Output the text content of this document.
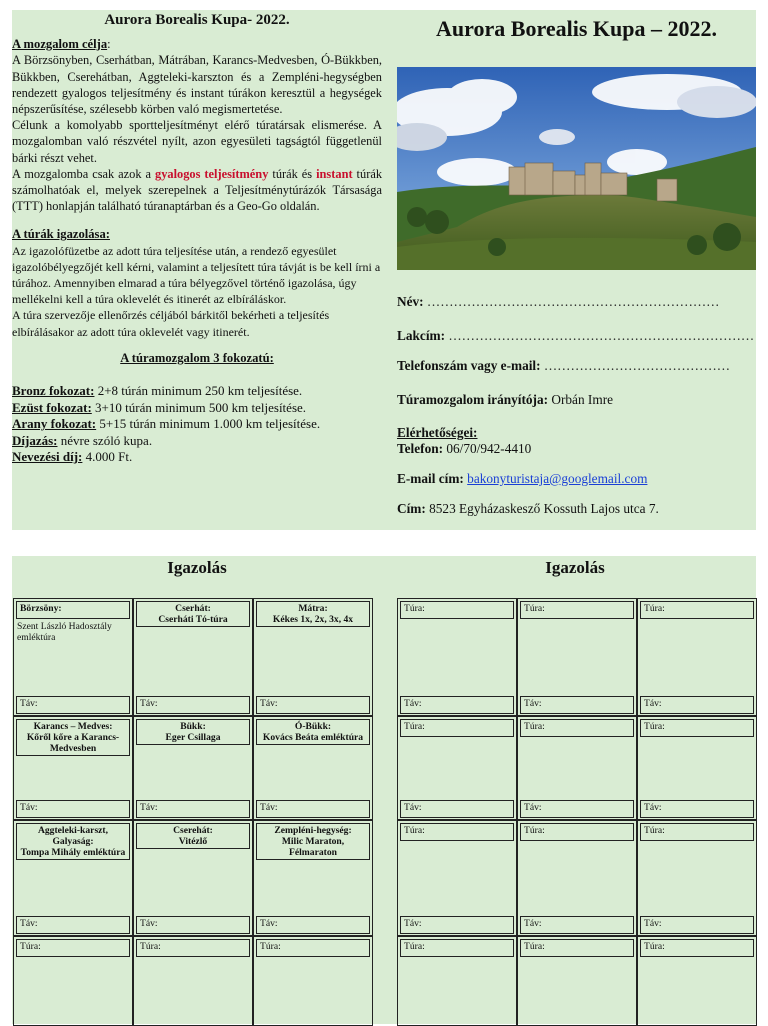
Aurora Borealis Kupa- 2022.

A mozgalom célja:
A Börzsönyben, Cserhátban, Mátrában, Karancs-Medvesben, Ó-Bükkben, Bükkben, Cserehátban, Aggteleki-karszton és a Zempléni-hegységben rendezett gyalogos teljesítmény és instant túrákon keresztül a hegységek népszerűsítése, szélesebb körben való megismertetése.
Célunk a komolyabb sportteljesítményt elérő túratársak elismerése. A mozgalomban való részvétel nyílt, azon egyesületi tagságtól függetlenül bárki részt vehet.
A mozgalomba csak azok a gyalogos teljesítmény túrák és instant túrák számolhatóak el, melyek szerepelnek a Teljesítménytúrázók Társasága (TTT) honlapján található túranaptárban és a Geo-Go oldalán.

A túrák igazolása:
Az igazolófüzetbe az adott túra teljesítése után, a rendező egyesület igazolóbélyegzőjét kell kérni, valamint a teljesített túra távját is be kell írni a túrához. Amennyiben elmarad a túra bélyegzővel történő igazolása, úgy mellékelni kell a túra oklevelét és itinerét az elbíráláskor.
A túra szervezője ellenőrzés céljából bárkitől bekérheti a teljesítés elbírálásakor az adott túra oklevelét vagy itinerét.

A túramozgalom 3 fokozatú:

Bronz fokozat: 2+8 túrán minimum 250 km teljesítése.
Ezüst fokozat: 3+10 túrán minimum 500 km teljesítése.
Arany fokozat: 5+15 túrán minimum 1.000 km teljesítése.
Díjazás: névre szóló kupa.
Nevezési díj: 4.000 Ft.
Aurora Borealis Kupa – 2022.
Név: …………………………………………………………
Lakcím: ……………………………………………………………
Telefonszám vagy e-mail: ……………………………………
Túramozgalom irányítója: Orbán Imre
Elérhetőségei:
Telefon: 06/70/942-4410
E-mail cím: bakonyturistaja@googlemail.com
Cím: 8523 Egyházaskesző Kossuth Lajos utca 7.
Igazolás	Igazolás
Börzsöny:
Szent László Hadosztály emléktúra
Táv:
Cserhát:
Cserháti Tó-túra
Táv:
Mátra:
Kékes 1x, 2x, 3x, 4x
Táv:
Karancs – Medves:
Kőről kőre a Karancs-Medvesben
Táv:
Bükk:
Eger Csillaga
Táv:
Ó-Bükk:
Kovács Beáta emléktúra
Táv:
Aggteleki-karszt, Galyaság:
Tompa Mihály emléktúra
Táv:
Cserehát:
Vitézlő
Táv:
Zempléni-hegység:
Milic Maraton, Félmaraton
Táv:
Túra:	Túra:	Túra:
Túra:
Táv:
Túra:
Táv:
Túra:
Táv:
Túra:
Táv:
Túra:
Táv:
Túra:
Táv:
Túra:
Táv:
Túra:
Táv:
Túra:
Táv:
Túra:	Túra:	Túra:
